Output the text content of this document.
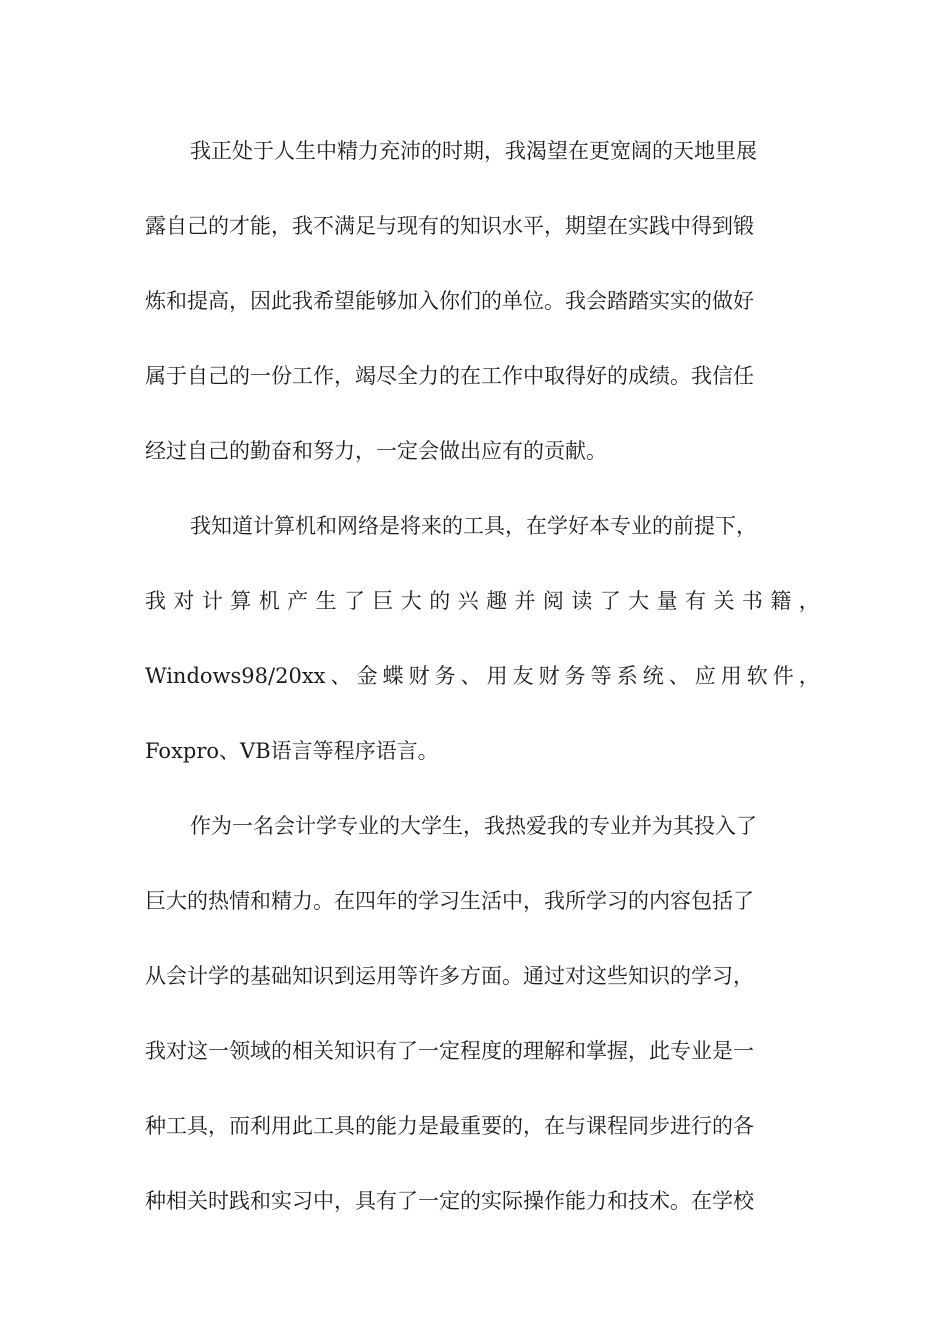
我正处于人生中精力充沛的时期，我渴望在更宽阔的天地里展
露自己的才能，我不满足与现有的知识水平，期望在实践中得到锻
炼和提高，因此我希望能够加入你们的单位。我会踏踏实实的做好
属于自己的一份工作，竭尽全力的在工作中取得好的成绩。我信任
经过自己的勤奋和努力，一定会做出应有的贡献。
我知道计算机和网络是将来的工具，在学好本专业的前提下，
我 对 计 算 机 产 生 了 巨 大 的 兴 趣 并 阅 读 了 大 量 有 关 书 籍 ，
Windows98/20xx 、 金 蝶 财 务 、 用 友 财 务 等 系 统 、 应 用 软 件 ，
Foxpro、VB语言等程序语言。
作为一名会计学专业的大学生，我热爱我的专业并为其投入了
巨大的热情和精力。在四年的学习生活中，我所学习的内容包括了
从会计学的基础知识到运用等许多方面。通过对这些知识的学习，
我对这一领域的相关知识有了一定程度的理解和掌握，此专业是一
种工具，而利用此工具的能力是最重要的，在与课程同步进行的各
种相关时践和实习中，具有了一定的实际操作能力和技术。在学校
